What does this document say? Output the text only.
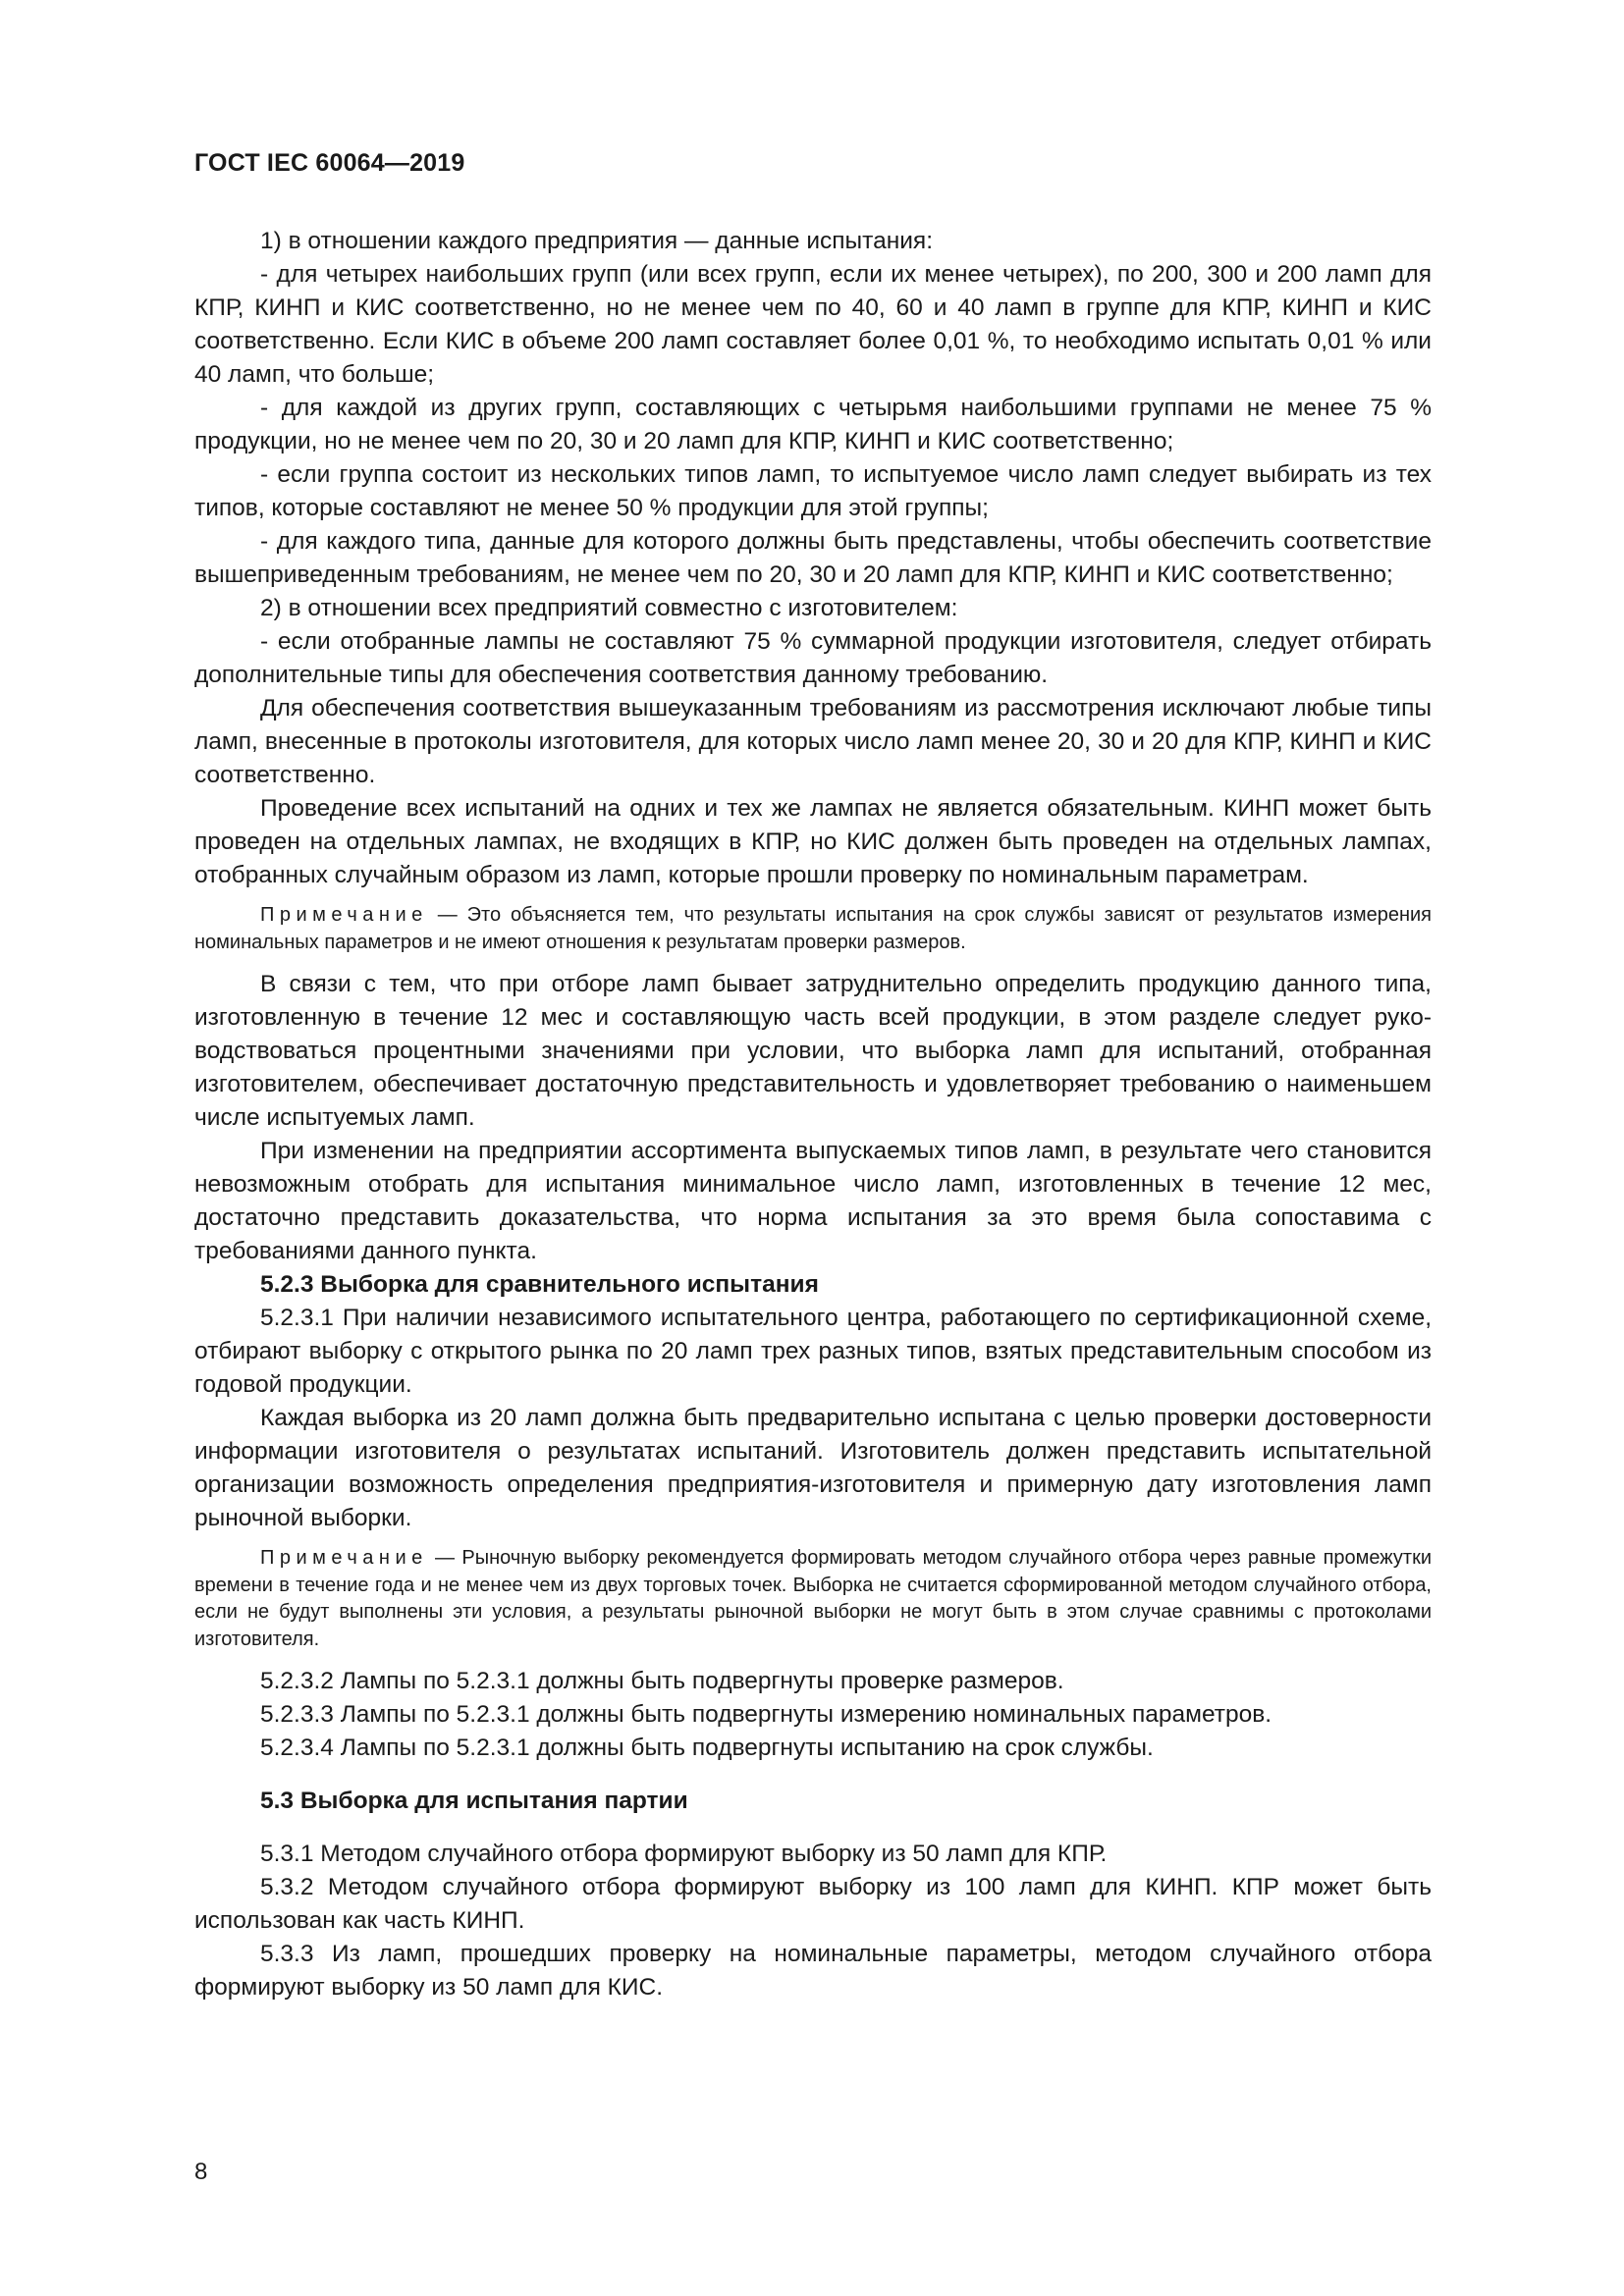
ГОСТ IEC 60064—2019

1) в отношении каждого предприятия — данные испытания:

- для четырех наибольших групп (или всех групп, если их менее четырех), по 200, 300 и 200 ламп для КПР, КИНП и КИС соответственно, но не менее чем по 40, 60 и 40 ламп в группе для КПР, КИНП и КИС соответственно. Если КИС в объеме 200 ламп составляет более 0,01 %, то необходимо испытать 0,01 % или 40 ламп, что больше;

- для каждой из других групп, составляющих с четырьмя наибольшими группами не менее 75 % продукции, но не менее чем по 20, 30 и 20 ламп для КПР, КИНП и КИС соответственно;

- если группа состоит из нескольких типов ламп, то испытуемое число ламп следует выбирать из тех типов, которые составляют не менее 50 % продукции для этой группы;

- для каждого типа, данные для которого должны быть представлены, чтобы обеспечить соответствие вышеприведенным требованиям, не менее чем по 20, 30 и 20 ламп для КПР, КИНП и КИС соответственно;

2) в отношении всех предприятий совместно с изготовителем:

- если отобранные лампы не составляют 75 % суммарной продукции изготовителя, следует отбирать дополнительные типы для обеспечения соответствия данному требованию.

Для обеспечения соответствия вышеуказанным требованиям из рассмотрения исключают любые типы ламп, внесенные в протоколы изготовителя, для которых число ламп менее 20, 30 и 20 для КПР, КИНП и КИС соответственно.

Проведение всех испытаний на одних и тех же лампах не является обязательным. КИНП может быть проведен на отдельных лампах, не входящих в КПР, но КИС должен быть проведен на отдельных лампах, отобранных случайным образом из ламп, которые прошли проверку по номинальным параметрам.

Примечание — Это объясняется тем, что результаты испытания на срок службы зависят от результатов измерения номинальных параметров и не имеют отношения к результатам проверки размеров.

В связи с тем, что при отборе ламп бывает затруднительно определить продукцию данного типа, изготовленную в течение 12 мес и составляющую часть всей продукции, в этом разделе следует руководствоваться процентными значениями при условии, что выборка ламп для испытаний, отобранная изготовителем, обеспечивает достаточную представительность и удовлетворяет требованию о наименьшем числе испытуемых ламп.

При изменении на предприятии ассортимента выпускаемых типов ламп, в результате чего становится невозможным отобрать для испытания минимальное число ламп, изготовленных в течение 12 мес, достаточно представить доказательства, что норма испытания за это время была сопоставима с требованиями данного пункта.

5.2.3 Выборка для сравнительного испытания

5.2.3.1 При наличии независимого испытательного центра, работающего по сертификационной схеме, отбирают выборку с открытого рынка по 20 ламп трех разных типов, взятых представительным способом из годовой продукции.

Каждая выборка из 20 ламп должна быть предварительно испытана с целью проверки достоверности информации изготовителя о результатах испытаний. Изготовитель должен представить испытательной организации возможность определения предприятия-изготовителя и примерную дату изготовления ламп рыночной выборки.

Примечание — Рыночную выборку рекомендуется формировать методом случайного отбора через равные промежутки времени в течение года и не менее чем из двух торговых точек. Выборка не считается сформированной методом случайного отбора, если не будут выполнены эти условия, а результаты рыночной выборки не могут быть в этом случае сравнимы с протоколами изготовителя.

5.2.3.2 Лампы по 5.2.3.1 должны быть подвергнуты проверке размеров.

5.2.3.3 Лампы по 5.2.3.1 должны быть подвергнуты измерению номинальных параметров.

5.2.3.4 Лампы по 5.2.3.1 должны быть подвергнуты испытанию на срок службы.

5.3 Выборка для испытания партии

5.3.1 Методом случайного отбора формируют выборку из 50 ламп для КПР.

5.3.2 Методом случайного отбора формируют выборку из 100 ламп для КИНП. КПР может быть использован как часть КИНП.

5.3.3 Из ламп, прошедших проверку на номинальные параметры, методом случайного отбора формируют выборку из 50 ламп для КИС.

8
